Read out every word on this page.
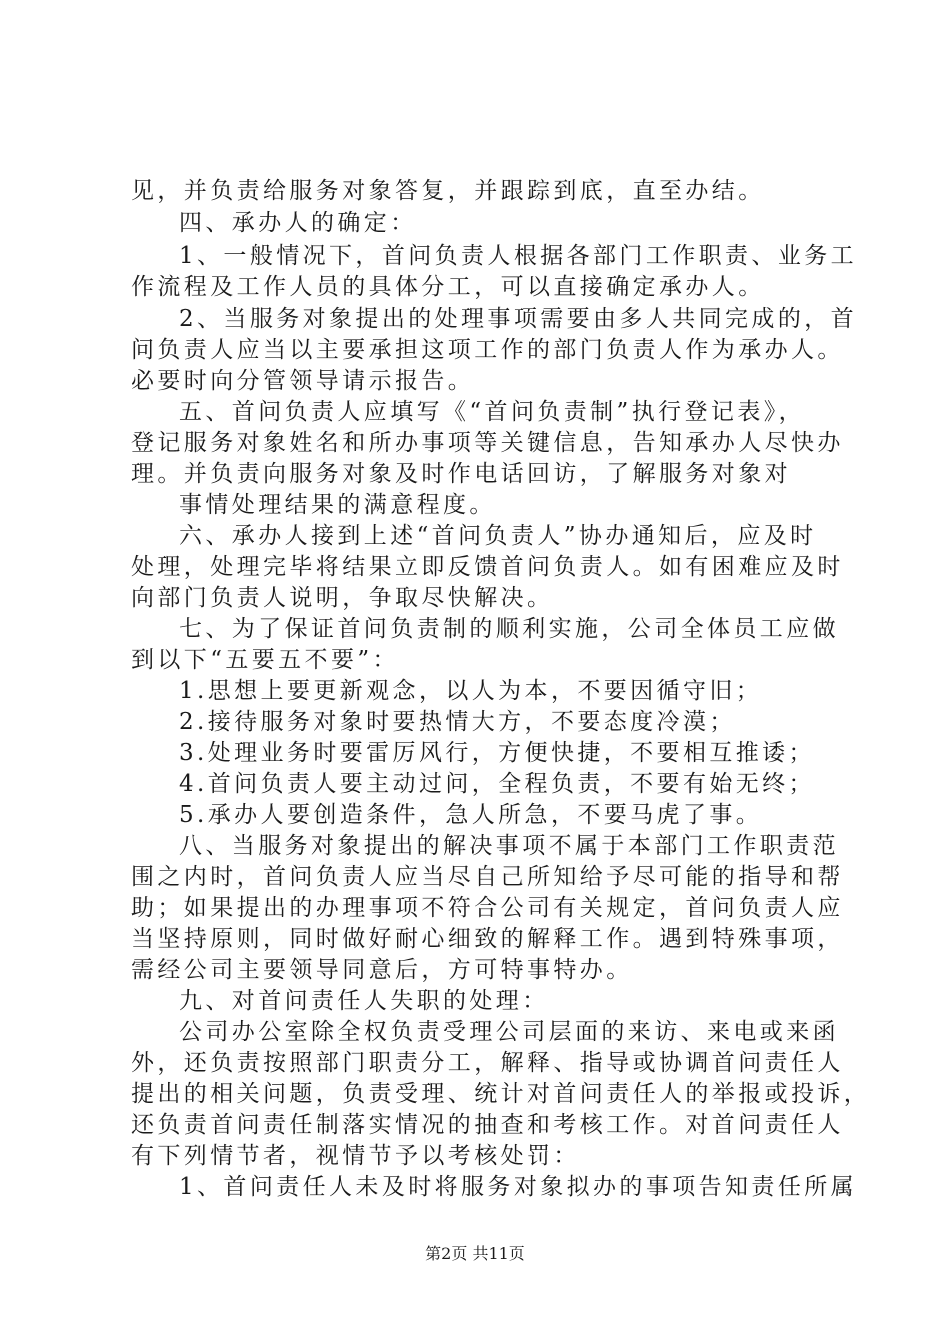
见，并负责给服务对象答复，并跟踪到底，直至办结。
四、承办人的确定：
1、一般情况下，首问负责人根据各部门工作职责、业务工
作流程及工作人员的具体分工，可以直接确定承办人。
2、当服务对象提出的处理事项需要由多人共同完成的，首
问负责人应当以主要承担这项工作的部门负责人作为承办人。
必要时向分管领导请示报告。
五、首问负责人应填写《“首问负责制”执行登记表》，
登记服务对象姓名和所办事项等关键信息，告知承办人尽快办
理。并负责向服务对象及时作电话回访，了解服务对象对
事情处理结果的满意程度。
六、承办人接到上述“首问负责人”协办通知后，应及时
处理，处理完毕将结果立即反馈首问负责人。如有困难应及时
向部门负责人说明，争取尽快解决。
七、为了保证首问负责制的顺利实施，公司全体员工应做
到以下“五要五不要”：
1.思想上要更新观念，以人为本，不要因循守旧；
2.接待服务对象时要热情大方，不要态度冷漠；
3.处理业务时要雷厉风行，方便快捷，不要相互推诿；
4.首问负责人要主动过问，全程负责，不要有始无终；
5.承办人要创造条件，急人所急，不要马虎了事。
八、当服务对象提出的解决事项不属于本部门工作职责范
围之内时，首问负责人应当尽自己所知给予尽可能的指导和帮
助；如果提出的办理事项不符合公司有关规定，首问负责人应
当坚持原则，同时做好耐心细致的解释工作。遇到特殊事项，
需经公司主要领导同意后，方可特事特办。
九、对首问责任人失职的处理：
公司办公室除全权负责受理公司层面的来访、来电或来函
外，还负责按照部门职责分工，解释、指导或协调首问责任人
提出的相关问题，负责受理、统计对首问责任人的举报或投诉，
还负责首问责任制落实情况的抽查和考核工作。对首问责任人
有下列情节者，视情节予以考核处罚：
1、首问责任人未及时将服务对象拟办的事项告知责任所属
第2页 共11页
